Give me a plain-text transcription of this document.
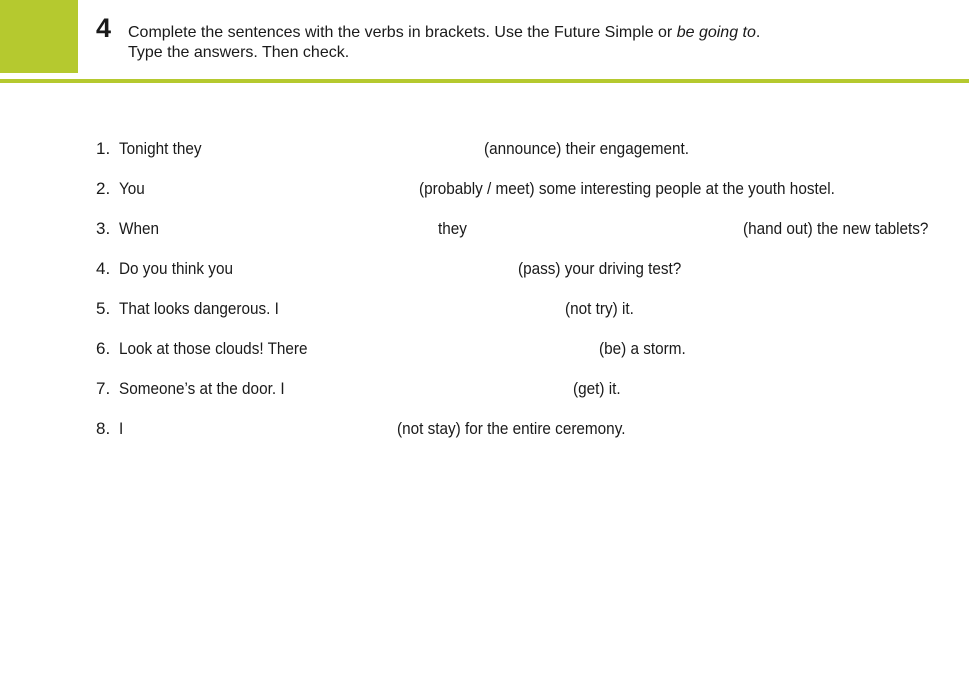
4 Complete the sentences with the verbs in brackets. Use the Future Simple or be going to.
Type the answers. Then check.
1. Tonight they	(announce) their engagement.
2. You	(probably / meet) some interesting people at the youth hostel.
3. When	they	(hand out) the new tablets?
4. Do you think you	(pass) your driving test?
5. That looks dangerous. I	(not try) it.
6. Look at those clouds! There	(be) a storm.
7. Someone’s at the door. I	(get) it.
8. I	(not stay) for the entire ceremony.
